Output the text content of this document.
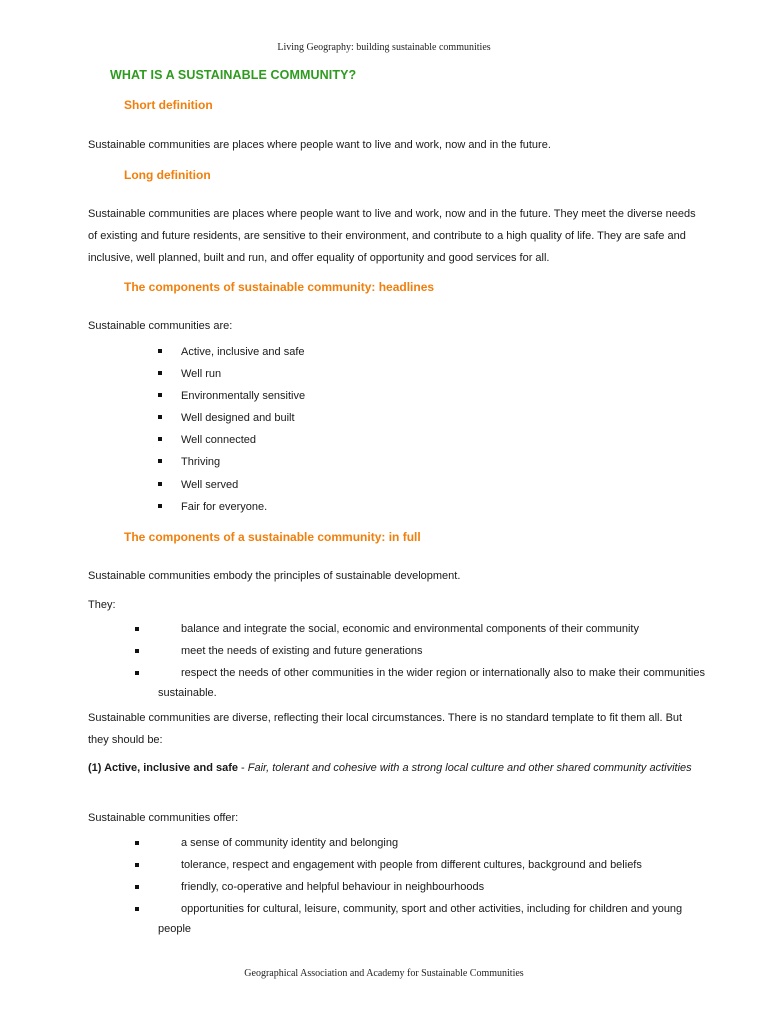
Living Geography: building sustainable communities
WHAT IS A SUSTAINABLE COMMUNITY?
Short definition

Sustainable communities are places where people want to live and work, now and in the future.

Long definition

Sustainable communities are places where people want to live and work, now and in the future. They meet the diverse needs of existing and future residents, are sensitive to their environment, and contribute to a high quality of life. They are safe and inclusive, well planned, built and run, and offer equality of opportunity and good services for all.

The components of sustainable community: headlines

Sustainable communities are:

Active, inclusive and safe
Well run
Environmentally sensitive
Well designed and built
Well connected
Thriving
Well served
Fair for everyone.
The components of a sustainable community: in full

Sustainable communities embody the principles of sustainable development.

They:

balance and integrate the social, economic and environmental components of their community
meet the needs of existing and future generations
respect the needs of other communities in the wider region or internationally also to make their communities sustainable.

Sustainable communities are diverse, reflecting their local circumstances. There is no standard template to fit them all. But they should be:

(1) Active, inclusive and safe - Fair, tolerant and cohesive with a strong local culture and other shared community activities

Sustainable communities offer:

a sense of community identity and belonging
tolerance, respect and engagement with people from different cultures, background and beliefs
friendly, co-operative and helpful behaviour in neighbourhoods
opportunities for cultural, leisure, community, sport and other activities, including for children and young people
Geographical Association and Academy for Sustainable Communities
